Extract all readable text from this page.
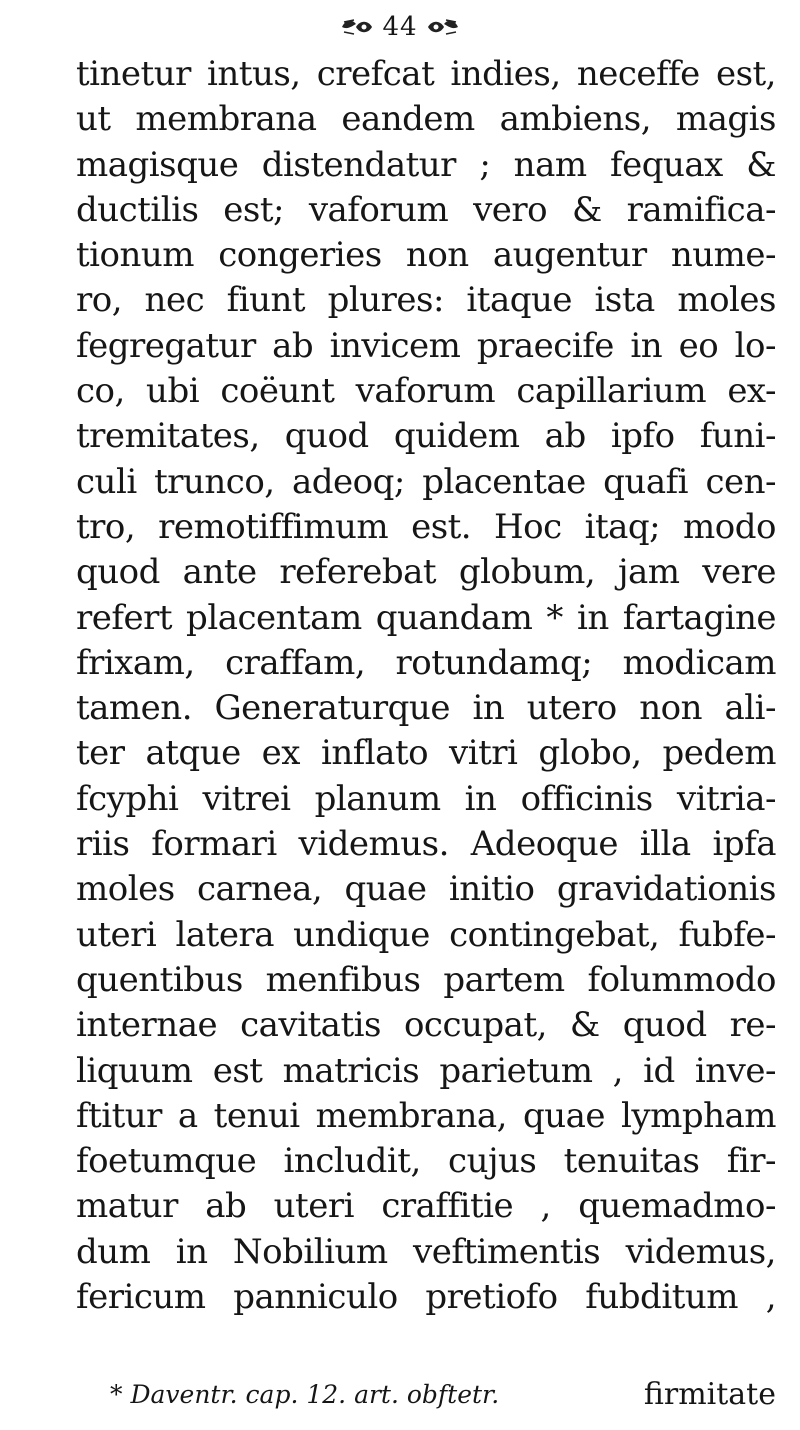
44
tinetur intus, crefcat indies, neceffe est,
ut membrana eandem ambiens, magis
magisque distendatur ; nam fequax &
ductilis est; vaforum vero & ramifica-
tionum congeries non augentur nume-
ro, nec fiunt plures: itaque ista moles
fegregatur ab invicem praecife in eo lo-
co, ubi coëunt vaforum capillarium ex-
tremitates, quod quidem ab ipfo funi-
culi trunco, adeoq; placentae quafi cen-
tro, remotiffimum est. Hoc itaq; modo
quod ante referebat globum, jam vere
refert placentam quandam * in fartagine
frixam, craffam, rotundamq; modicam
tamen. Generaturque in utero non ali-
ter atque ex inflato vitri globo, pedem
fcyphi vitrei planum in officinis vitria-
riis formari videmus. Adeoque illa ipfa
moles carnea, quae initio gravidationis
uteri latera undique contingebat, fubfe-
quentibus menfibus partem folummodo
internae cavitatis occupat, & quod re-
liquum est matricis parietum , id inve-
ftitur a tenui membrana, quae lympham
foetumque includit, cujus tenuitas fir-
matur ab uteri craffitie , quemadmo-
dum in Nobilium veftimentis videmus,
fericum panniculo pretiofo fubditum ,
* Daventr. cap. 12. art. obftetr.	firmitate
